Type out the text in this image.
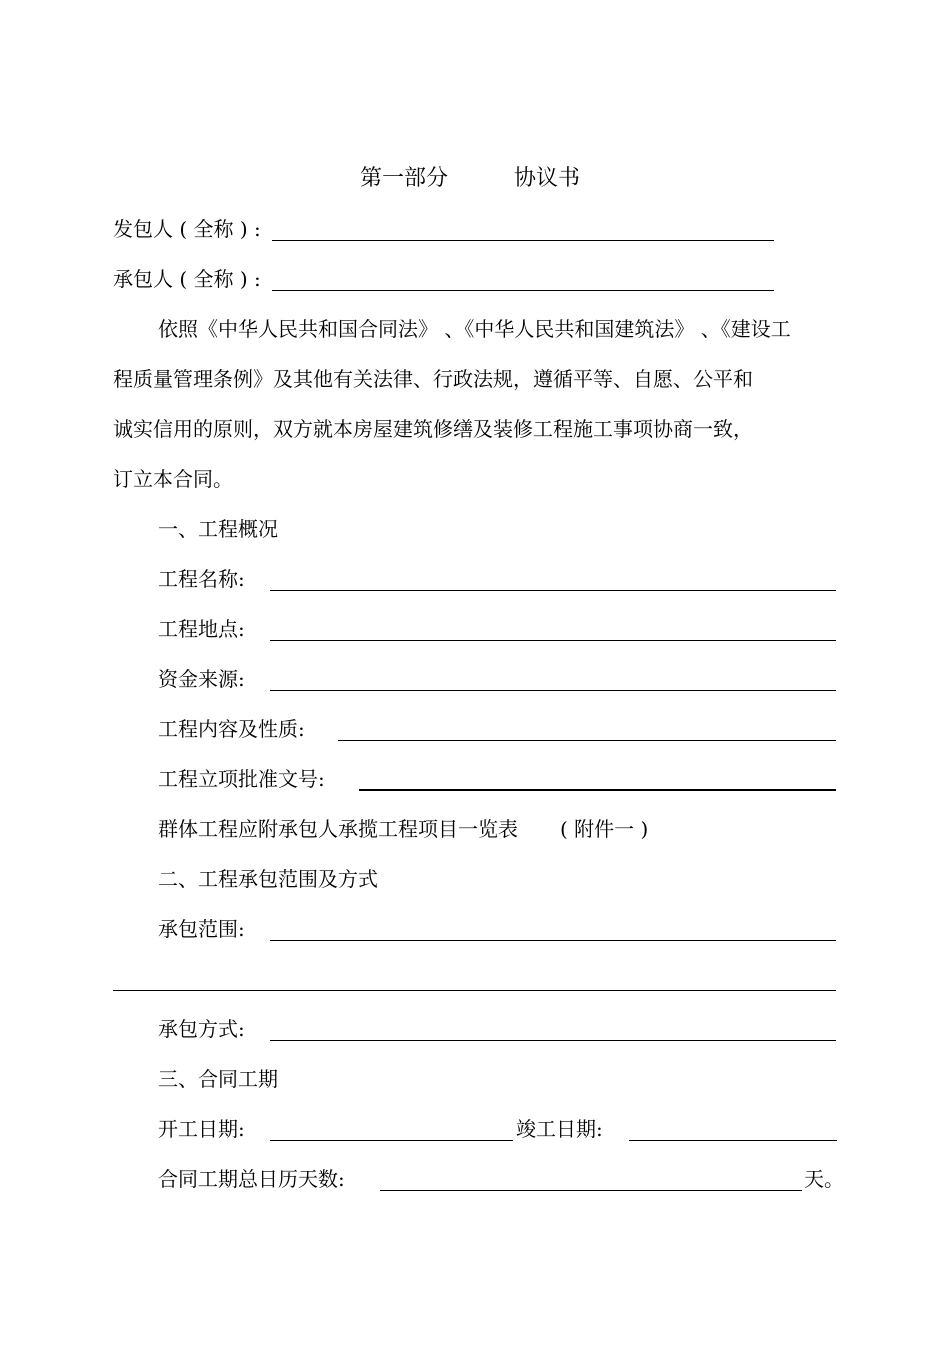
第一部分	协议书
发包人 ( 全称 ) :
承包人 ( 全称 ) :
依照《中华人民共和国合同法》 、《中华人民共和国建筑法》 、《建设工
程质量管理条例》及其他有关法律、行政法规，遵循平等、自愿、公平和
诚实信用的原则，双方就本房屋建筑修缮及装修工程施工事项协商一致，
订立本合同。
一、工程概况
工程名称:
工程地点:
资金来源:
工程内容及性质:
工程立项批准文号:
群体工程应附承包人承揽工程项目一览表 ( 附件一 )
二、工程承包范围及方式
承包范围:
承包方式:
三、合同工期
开工日期:	竣工日期:
合同工期总日历天数:	天。
